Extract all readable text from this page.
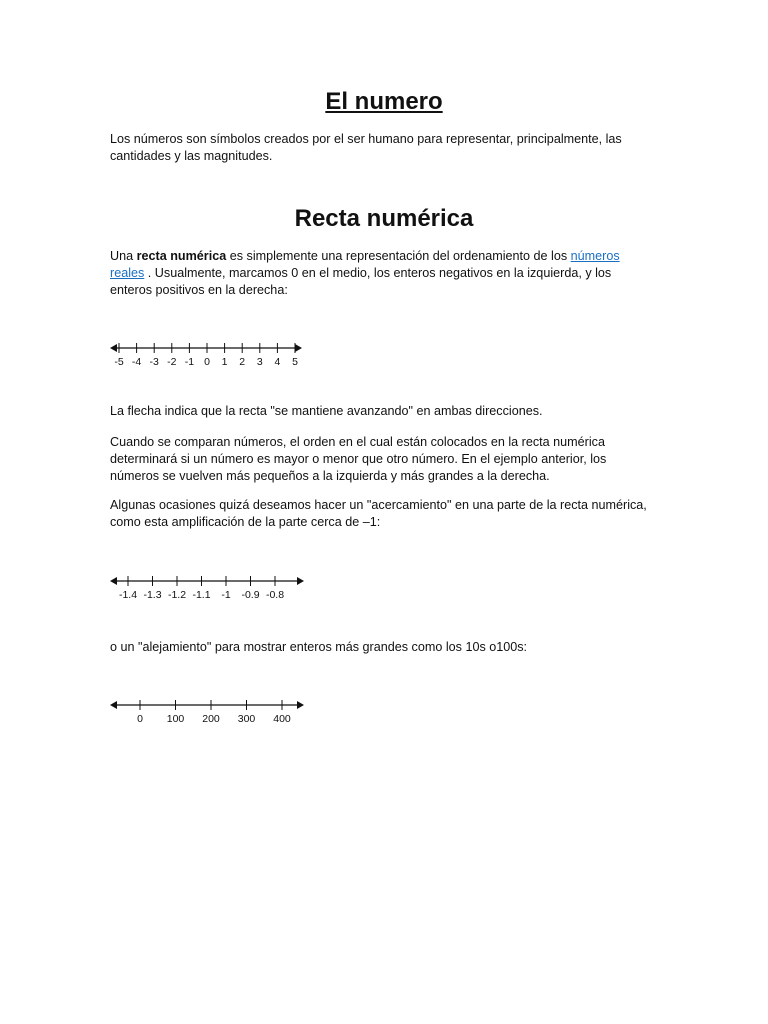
El numero

Los números son símbolos creados por el ser humano para representar, principalmente, las cantidades y las magnitudes.

Recta numérica

Una recta numérica es simplemente una representación del ordenamiento de los números reales . Usualmente, marcamos 0 en el medio, los enteros negativos en la izquierda, y los enteros positivos en la derecha:

-5 -4 -3 -2 -1 0 1 2 3 4 5

La flecha indica que la recta "se mantiene avanzando" en ambas direcciones.

Cuando se comparan números, el orden en el cual están colocados en la recta numérica determinará si un número es mayor o menor que otro número. En el ejemplo anterior, los números se vuelven más pequeños a la izquierda y más grandes a la derecha.

Algunas ocasiones quizá deseamos hacer un "acercamiento" en una parte de la recta numérica, como esta amplificación de la parte cerca de –1:

-1.4 -1.3 -1.2 -1.1 -1 -0.9 -0.8

o un "alejamiento" para mostrar enteros más grandes como los 10s o100s:

0 100 200 300 400
